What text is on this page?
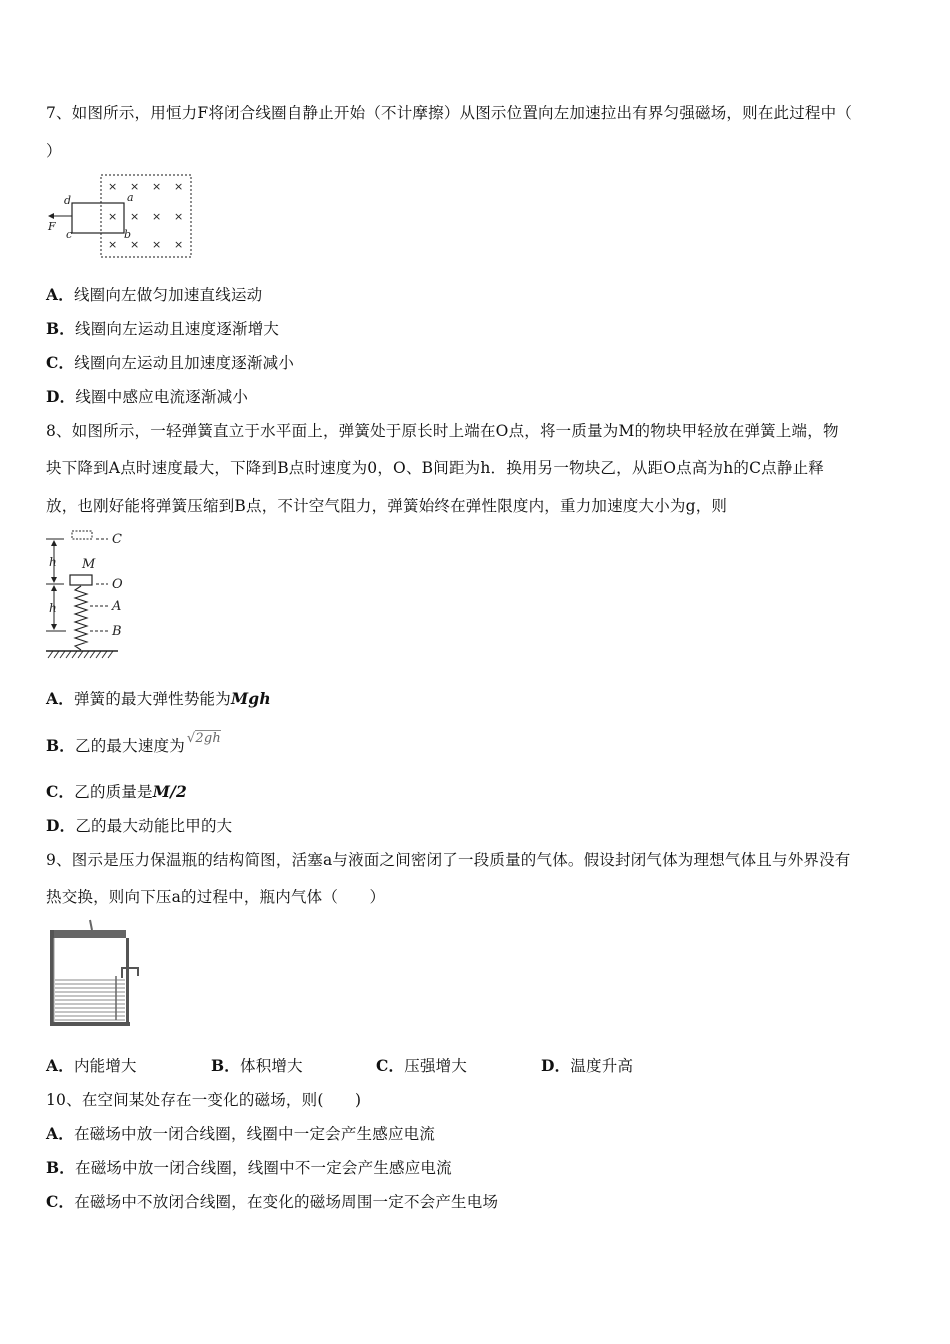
7、如图所示，用恒力F将闭合线圈自静止开始（不计摩擦）从图示位置向左加速拉出有界匀强磁场，则在此过程中（
）
× × × ×
× × × ×
× × × ×
d	a
F
c	b
A．线圈向左做匀加速直线运动
B．线圈向左运动且速度逐渐增大
C．线圈向左运动且加速度逐渐减小
D．线圈中感应电流逐渐减小
8、如图所示，一轻弹簧直立于水平面上，弹簧处于原长时上端在O点，将一质量为M的物块甲轻放在弹簧上端，物
块下降到A点时速度最大，下降到B点时速度为0，O、B间距为h．换用另一物块乙，从距O点高为h的C点静止释
放，也刚好能将弹簧压缩到B点，不计空气阻力，弹簧始终在弹性限度内，重力加速度大小为g，则
C
M
O
h
h	A
B
A．弹簧的最大弹性势能为Mgh
B．乙的最大速度为 $^{√2gh}$
C．乙的质量是M/2
D．乙的最大动能比甲的大
9、图示是压力保温瓶的结构简图，活塞a与液面之间密闭了一段质量的气体。假设封闭气体为理想气体且与外界没有
热交换，则向下压a的过程中，瓶内气体（　　）
A．内能增大	B．体积增大	C．压强增大	D．温度升高
10、在空间某处存在一变化的磁场，则(　　)
A．在磁场中放一闭合线圈，线圈中一定会产生感应电流
B．在磁场中放一闭合线圈，线圈中不一定会产生感应电流
C．在磁场中不放闭合线圈，在变化的磁场周围一定不会产生电场
